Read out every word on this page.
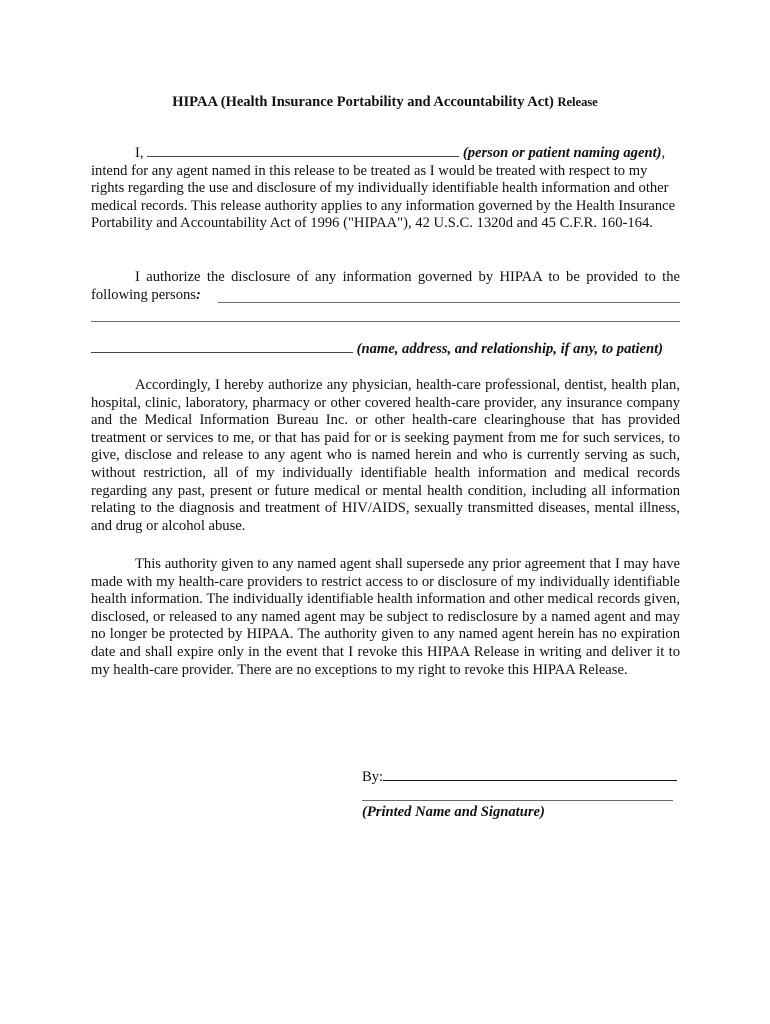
HIPAA (Health Insurance Portability and Accountability Act) Release
I,	(person or patient naming agent), intend for any agent named in this release to be treated as I would be treated with respect to my rights regarding the use and disclosure of my individually identifiable health information and other medical records. This release authority applies to any information governed by the Health Insurance Portability and Accountability Act of 1996 ("HIPAA"), 42 U.S.C. 1320d and 45 C.F.R. 160-164.
I authorize the disclosure of any information governed by HIPAA to be provided to the following persons:
(name, address, and relationship, if any, to patient)
Accordingly, I hereby authorize any physician, health-care professional, dentist, health plan, hospital, clinic, laboratory, pharmacy or other covered health-care provider, any insurance company and the Medical Information Bureau Inc. or other health-care clearinghouse that has provided treatment or services to me, or that has paid for or is seeking payment from me for such services, to give, disclose and release to any agent who is named herein and who is currently serving as such, without restriction, all of my individually identifiable health information and medical records regarding any past, present or future medical or mental health condition, including all information relating to the diagnosis and treatment of HIV/AIDS, sexually transmitted diseases, mental illness, and drug or alcohol abuse.
This authority given to any named agent shall supersede any prior agreement that I may have made with my health-care providers to restrict access to or disclosure of my individually identifiable health information. The individually identifiable health information and other medical records given, disclosed, or released to any named agent may be subject to redisclosure by a named agent and may no longer be protected by HIPAA. The authority given to any named agent herein has no expiration date and shall expire only in the event that I revoke this HIPAA Release in writing and deliver it to my health-care provider. There are no exceptions to my right to revoke this HIPAA Release.
By:
(Printed Name and Signature)
